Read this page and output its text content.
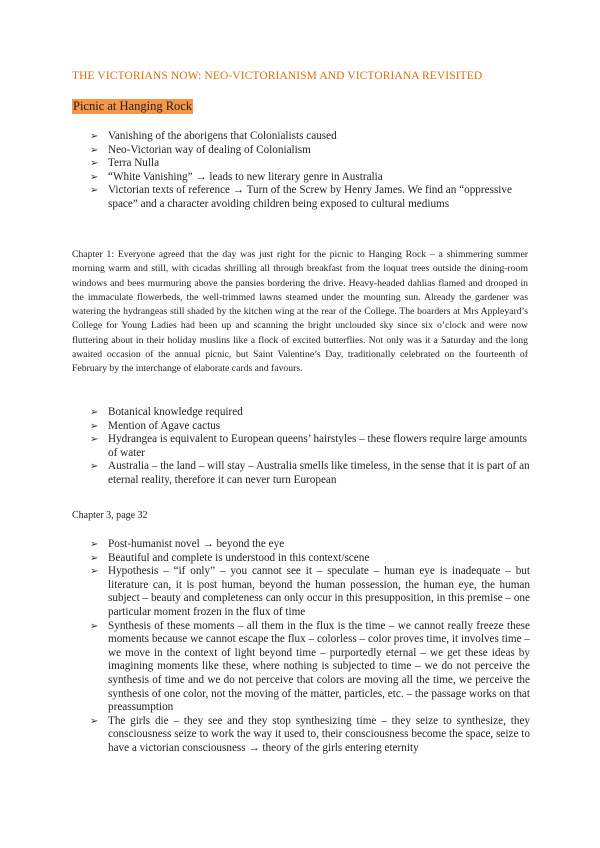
THE VICTORIANS NOW: NEO-VICTORIANISM AND VICTORIANA REVISITED
Picnic at Hanging Rock
➢ Vanishing of the aborigens that Colonialists caused
➢ Neo-Victorian way of dealing of Colonialism
➢ Terra Nulla
➢ “White Vanishing” → leads to new literary genre in Australia
➢ Victorian texts of reference → Turn of the Screw by Henry James. We find an “oppressive space” and a character avoiding children being exposed to cultural mediums

Chapter 1: Everyone agreed that the day was just right for the picnic to Hanging Rock – a shimmering summer morning warm and still, with cicadas shrilling all through breakfast from the loquat trees outside the dining-room windows and bees murmuring above the pansies bordering the drive. Heavy-headed dahlias flamed and drooped in the immaculate flowerbeds, the well-trimmed lawns steamed under the mounting sun. Already the gardener was watering the hydrangeas still shaded by the kitchen wing at the rear of the College. The boarders at Mrs Appleyard’s College for Young Ladies had been up and scanning the bright unclouded sky since six o’clock and were now fluttering about in their holiday muslins like a flock of excited butterflies. Not only was it a Saturday and the long awaited occasion of the annual picnic, but Saint Valentine’s Day, traditionally celebrated on the fourteenth of February by the interchange of elaborate cards and favours.

➢ Botanical knowledge required
➢ Mention of Agave cactus
➢ Hydrangea is equivalent to European queens’ hairstyles – these flowers require large amounts of water
➢ Australia – the land – will stay – Australia smells like timeless, in the sense that it is part of an eternal reality, therefore it can never turn European
Chapter 3, page 32
➢ Post-humanist novel → beyond the eye
➢ Beautiful and complete is understood in this context/scene
➢ Hypothesis – “if only” – you cannot see it – speculate – human eye is inadequate – but literature can, it is post human, beyond the human possession, the human eye, the human subject – beauty and completeness can only occur in this presupposition, in this premise – one particular moment frozen in the flux of time
➢ Synthesis of these moments – all them in the flux is the time – we cannot really freeze these moments because we cannot escape the flux – colorless – color proves time, it involves time – we move in the context of light beyond time – purportedly eternal – we get these ideas by imagining moments like these, where nothing is subjected to time – we do not perceive the synthesis of time and we do not perceive that colors are moving all the time, we perceive the synthesis of one color, not the moving of the matter, particles, etc. – the passage works on that preassumption
➢ The girls die – they see and they stop synthesizing time – they seize to synthesize, they consciousness seize to work the way it used to, their consciousness become the space, seize to have a victorian consciousness → theory of the girls entering eternity
